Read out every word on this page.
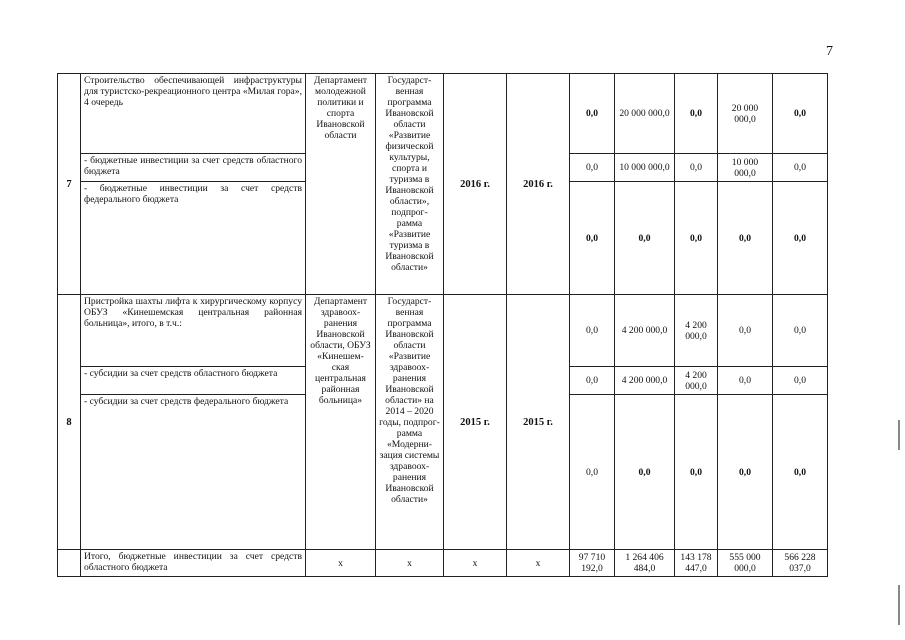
7
7	Строительство обеспечивающей инфраструктуры для туристско-рекреационного центра «Милая гора», 4 очередь	Департамент молодежной политики и спорта Ивановской области	Государст-венная программа Ивановской области «Развитие физической культуры, спорта и туризма в Ивановской области», подпрог-рамма «Развитие туризма в Ивановской области»	2016 г.	2016 г.	0,0	20 000 000,0	0,0	20 000 000,0	0,0
	- бюджетные инвестиции за счет средств областного бюджета					0,0	10 000 000,0	0,0	10 000 000,0	0,0
	- бюджетные инвестиции за счет средств федерального бюджета					0,0	0,0	0,0	0,0	0,0
8	Пристройка шахты лифта к хирургическому корпусу ОБУЗ «Кинешемская центральная районная больница», итого, в т.ч.:	Департамент здравоох-ранения Ивановской области, ОБУЗ «Кинешем-ская центральная районная больница»	Государст-венная программа Ивановской области «Развитие здравоох-ранения Ивановской области» на 2014 – 2020 годы, подпрог-рамма «Модерни-зация системы здравоох-ранения Ивановской области»	2015 г.	2015 г.	0,0	4 200 000,0	4 200 000,0	0,0	0,0
	- субсидии за счет средств областного бюджета					0,0	4 200 000,0	4 200 000,0	0,0	0,0
	- субсидии за счет средств федерального бюджета					0,0	0,0	0,0	0,0	0,0
	Итого, бюджетные инвестиции за счет средств областного бюджета	x	x	x	x	97 710 192,0	1 264 406 484,0	143 178 447,0	555 000 000,0	566 228 037,0
